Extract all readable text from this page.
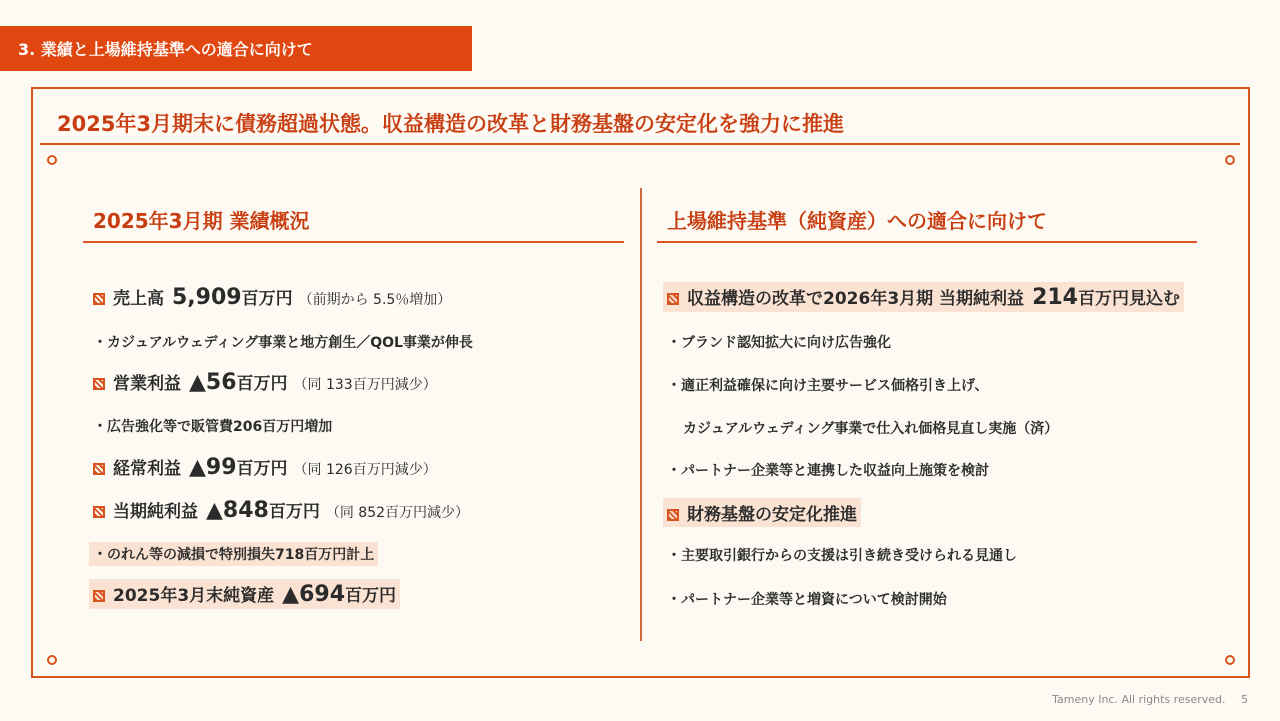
3. 業績と上場維持基準への適合に向けて
2025年3月期末に債務超過状態。収益構造の改革と財務基盤の安定化を強力に推進
2025年3月期 業績概況
売上高 5,909 百万円 （前期から 5.5％増加）
・カジュアルウェディング事業と地方創生／QOL事業が伸長
営業利益 ▲56 百万円 （同 133百万円減少）
・広告強化等で販管費206百万円増加
経常利益 ▲99 百万円 （同 126百万円減少）
当期純利益 ▲848 百万円 （同 852百万円減少）
・のれん等の減損で特別損失718百万円計上
2025年3月末純資産 ▲694 百万円
上場維持基準（純資産）への適合に向けて
収益構造の改革で2026年3月期 当期純利益 214 百万円見込む
・ブランド認知拡大に向け広告強化
・適正利益確保に向け主要サービス価格引き上げ、
カジュアルウェディング事業で仕入れ価格見直し実施（済）
・パートナー企業等と連携した収益向上施策を検討
財務基盤の安定化推進
・主要取引銀行からの支援は引き続き受けられる見通し
・パートナー企業等と増資について検討開始
Tameny Inc. All rights reserved. 5
